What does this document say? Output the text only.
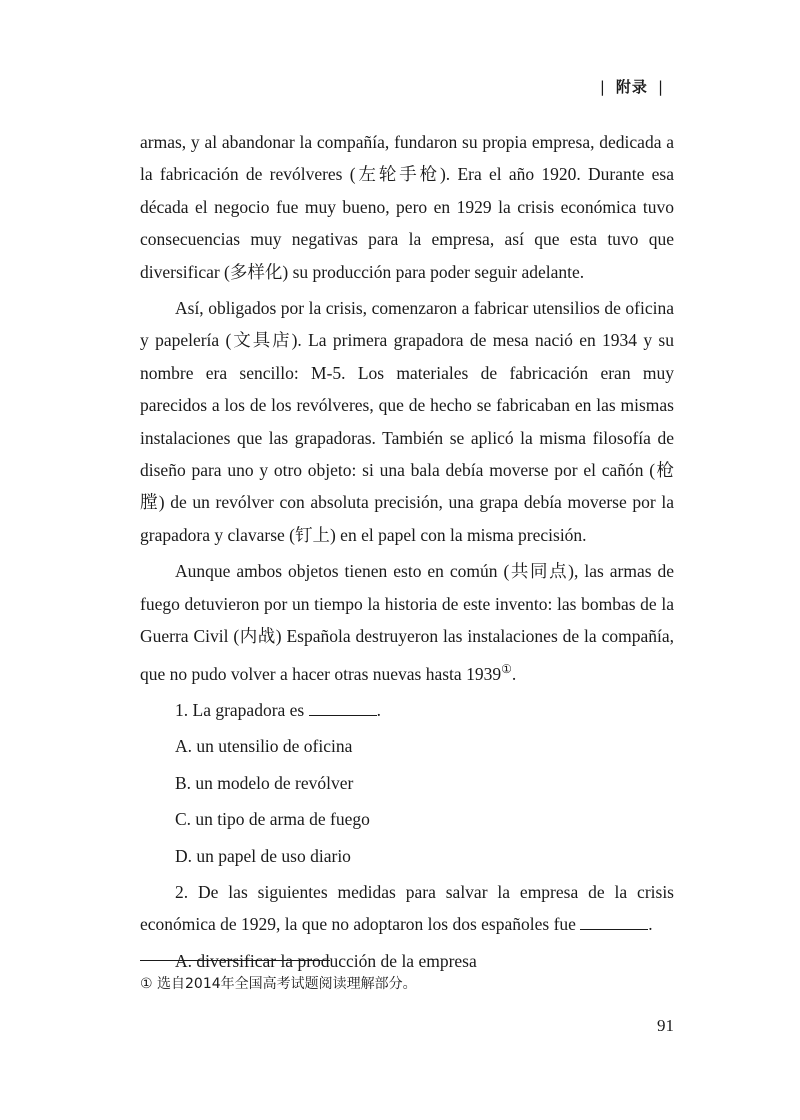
| 附录 |

armas, y al abandonar la compañía, fundaron su propia empresa, dedicada a la fabricación de revólveres (左轮手枪). Era el año 1920. Durante esa década el negocio fue muy bueno, pero en 1929 la crisis económica tuvo consecuencias muy negativas para la empresa, así que esta tuvo que diversificar (多样化) su producción para poder seguir adelante.

Así, obligados por la crisis, comenzaron a fabricar utensilios de oficina y papelería (文具店). La primera grapadora de mesa nació en 1934 y su nombre era sencillo: M-5. Los materiales de fabricación eran muy parecidos a los de los revólveres, que de hecho se fabricaban en las mismas instalaciones que las grapadoras. También se aplicó la misma filosofía de diseño para uno y otro objeto: si una bala debía moverse por el cañón (枪膛) de un revólver con absoluta precisión, una grapa debía moverse por la grapadora y clavarse (钉上) en el papel con la misma precisión.

Aunque ambos objetos tienen esto en común (共同点), las armas de fuego detuvieron por un tiempo la historia de este invento: las bombas de la Guerra Civil (内战) Española destruyeron las instalaciones de la compañía, que no pudo volver a hacer otras nuevas hasta 1939①.

1. La grapadora es	.

A. un utensilio de oficina

B. un modelo de revólver

C. un tipo de arma de fuego

D. un papel de uso diario

2. De las siguientes medidas para salvar la empresa de la crisis económica de 1929, la que no adoptaron los dos españoles fue	.

A. diversificar la producción de la empresa

① 选自2014年全国高考试题阅读理解部分。
91
